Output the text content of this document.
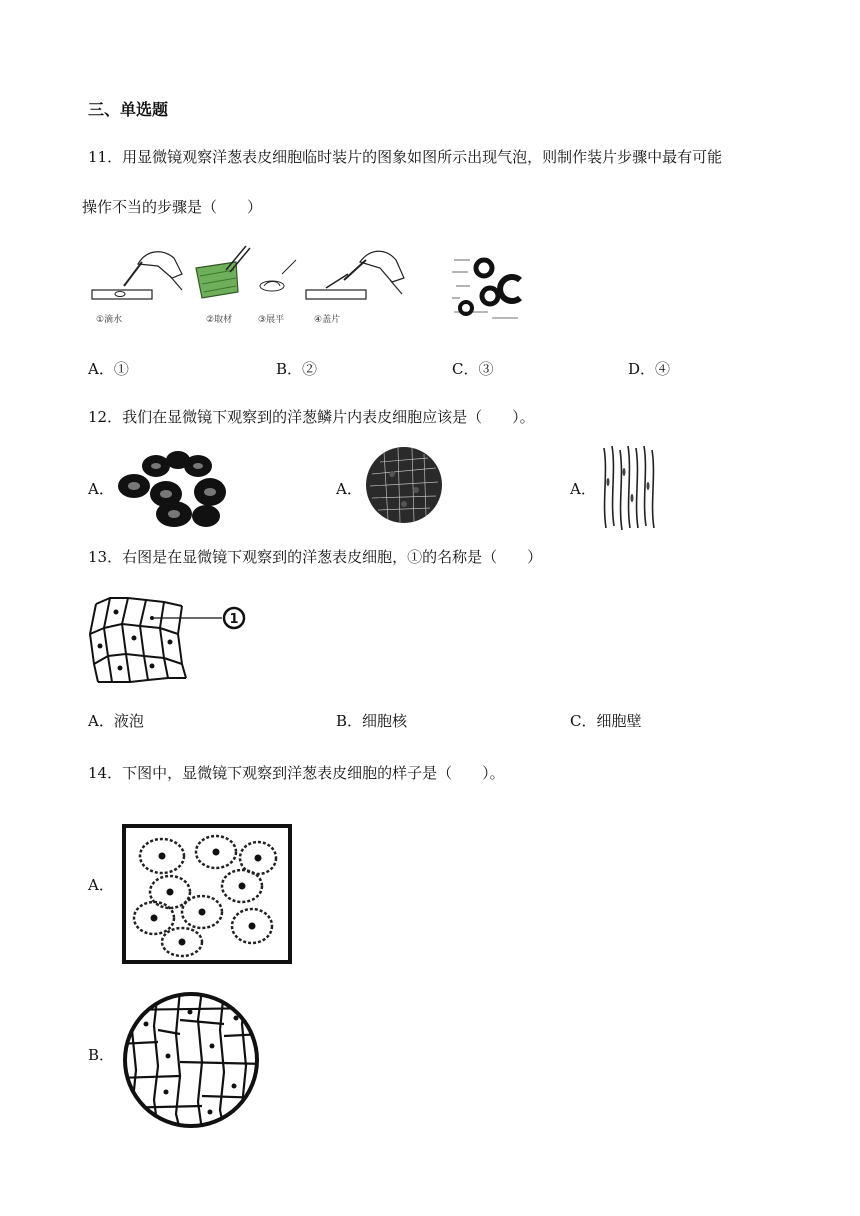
三、单选题
11．用显微镜观察洋葱表皮细胞临时装片的图象如图所示出现气泡，则制作装片步骤中最有可能
操作不当的步骤是（　　）
①滴水	②取材	③展平	④盖片
A．①	B．②	C．③	D．④
12．我们在显微镜下观察到的洋葱鳞片内表皮细胞应该是（　　）。
A．	A．	A．
13．右图是在显微镜下观察到的洋葱表皮细胞，①的名称是（　　）
1
A．液泡	B．细胞核	C．细胞壁
14．下图中，显微镜下观察到洋葱表皮细胞的样子是（　　）。
A．
B．
